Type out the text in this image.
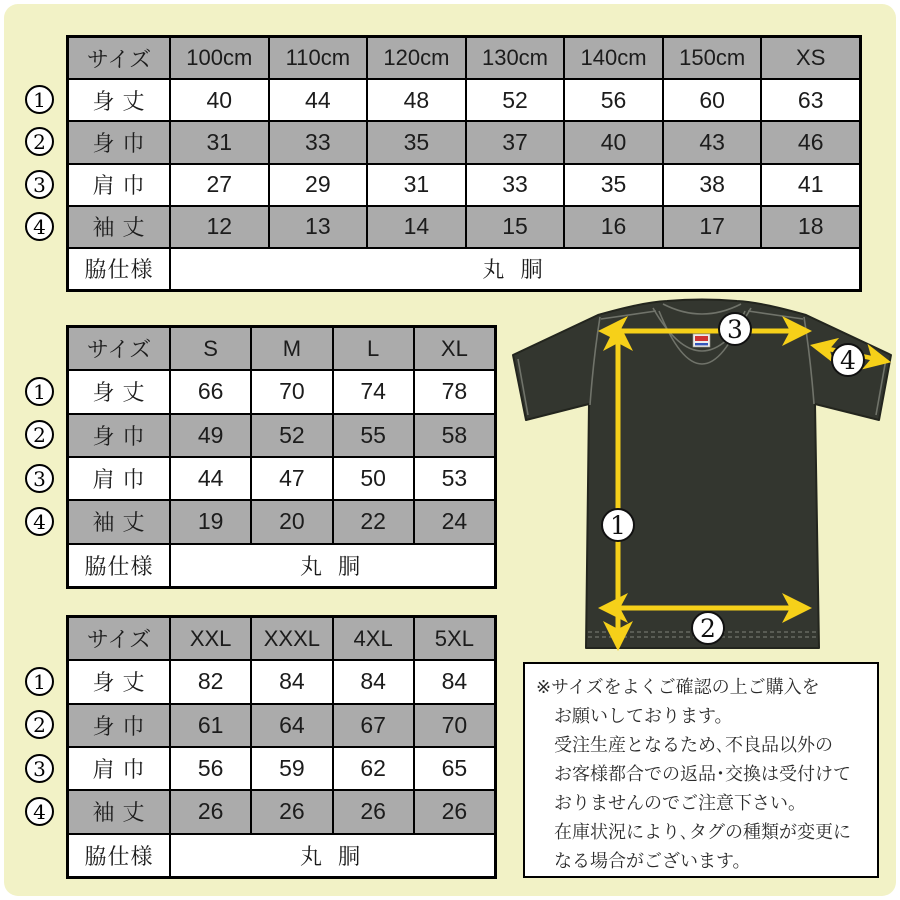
サイズ	100cm	110cm	120cm	130cm	140cm	150cm	XS
身 丈	40	44	48	52	56	60	63
身 巾	31	33	35	37	40	43	46
肩 巾	27	29	31	33	35	38	41
袖 丈	12	13	14	15	16	17	18
脇仕様	丸 胴
1
2
3
4
サイズ	S	M	L	XL
身 丈	66	70	74	78
身 巾	49	52	55	58
肩 巾	44	47	50	53
袖 丈	19	20	22	24
脇仕様	丸 胴
1
2
3
4
サイズ	XXL	XXXL	4XL	5XL
身 丈	82	84	84	84
身 巾	61	64	67	70
肩 巾	56	59	62	65
袖 丈	26	26	26	26
脇仕様	丸 胴
1
2
3
4
1
2
3
4
※サイズをよくご確認の上ご購入を
お願いしております。
受注生産となるため､不良品以外の
お客様都合での返品･交換は受付けて
おりませんのでご注意下さい。
在庫状況により､タグの種類が変更に
なる場合がございます。
